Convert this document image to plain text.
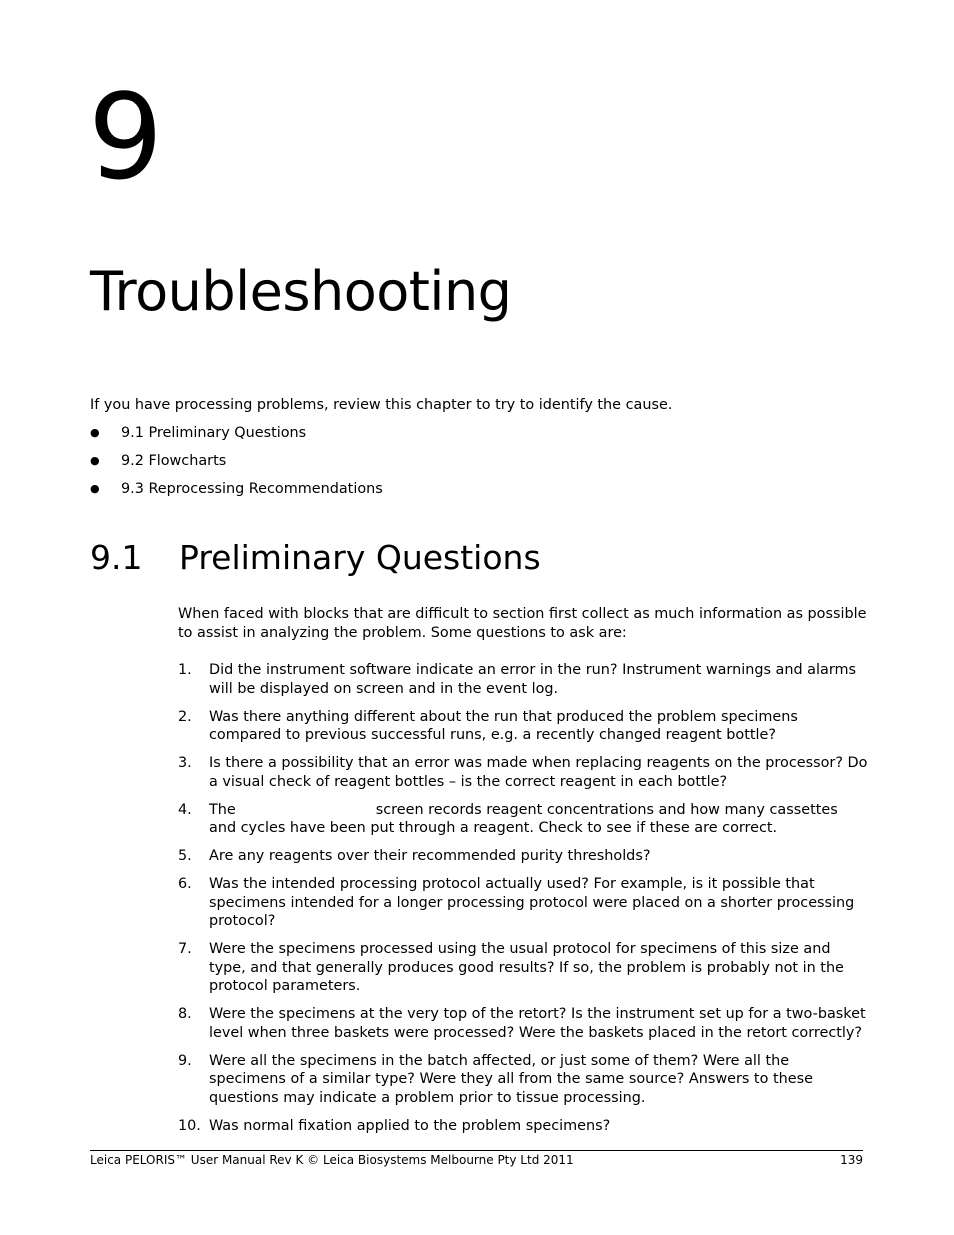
9
Troubleshooting

If you have processing problems, review this chapter to try to identify the cause.

● 9.1 Preliminary Questions
● 9.2 Flowcharts
● 9.3 Reprocessing Recommendations
9.1 Preliminary Questions

When faced with blocks that are difficult to section first collect as much information as possible to assist in analyzing the problem. Some questions to ask are:

1. Did the instrument software indicate an error in the run? Instrument warnings and alarms will be displayed on screen and in the event log.
2. Was there anything different about the run that produced the problem specimens compared to previous successful runs, e.g. a recently changed reagent bottle?
3. Is there a possibility that an error was made when replacing reagents on the processor? Do a visual check of reagent bottles – is the correct reagent in each bottle?
4. The	screen records reagent concentrations and how many cassettes and cycles have been put through a reagent. Check to see if these are correct.
5. Are any reagents over their recommended purity thresholds?
6. Was the intended processing protocol actually used? For example, is it possible that specimens intended for a longer processing protocol were placed on a shorter processing protocol?
7. Were the specimens processed using the usual protocol for specimens of this size and type, and that generally produces good results? If so, the problem is probably not in the protocol parameters.
8. Were the specimens at the very top of the retort? Is the instrument set up for a two-basket level when three baskets were processed? Were the baskets placed in the retort correctly?
9. Were all the specimens in the batch affected, or just some of them? Were all the specimens of a similar type? Were they all from the same source? Answers to these questions may indicate a problem prior to tissue processing.
10. Was normal fixation applied to the problem specimens?
Leica PELORIS™ User Manual Rev K © Leica Biosystems Melbourne Pty Ltd 2011	139
